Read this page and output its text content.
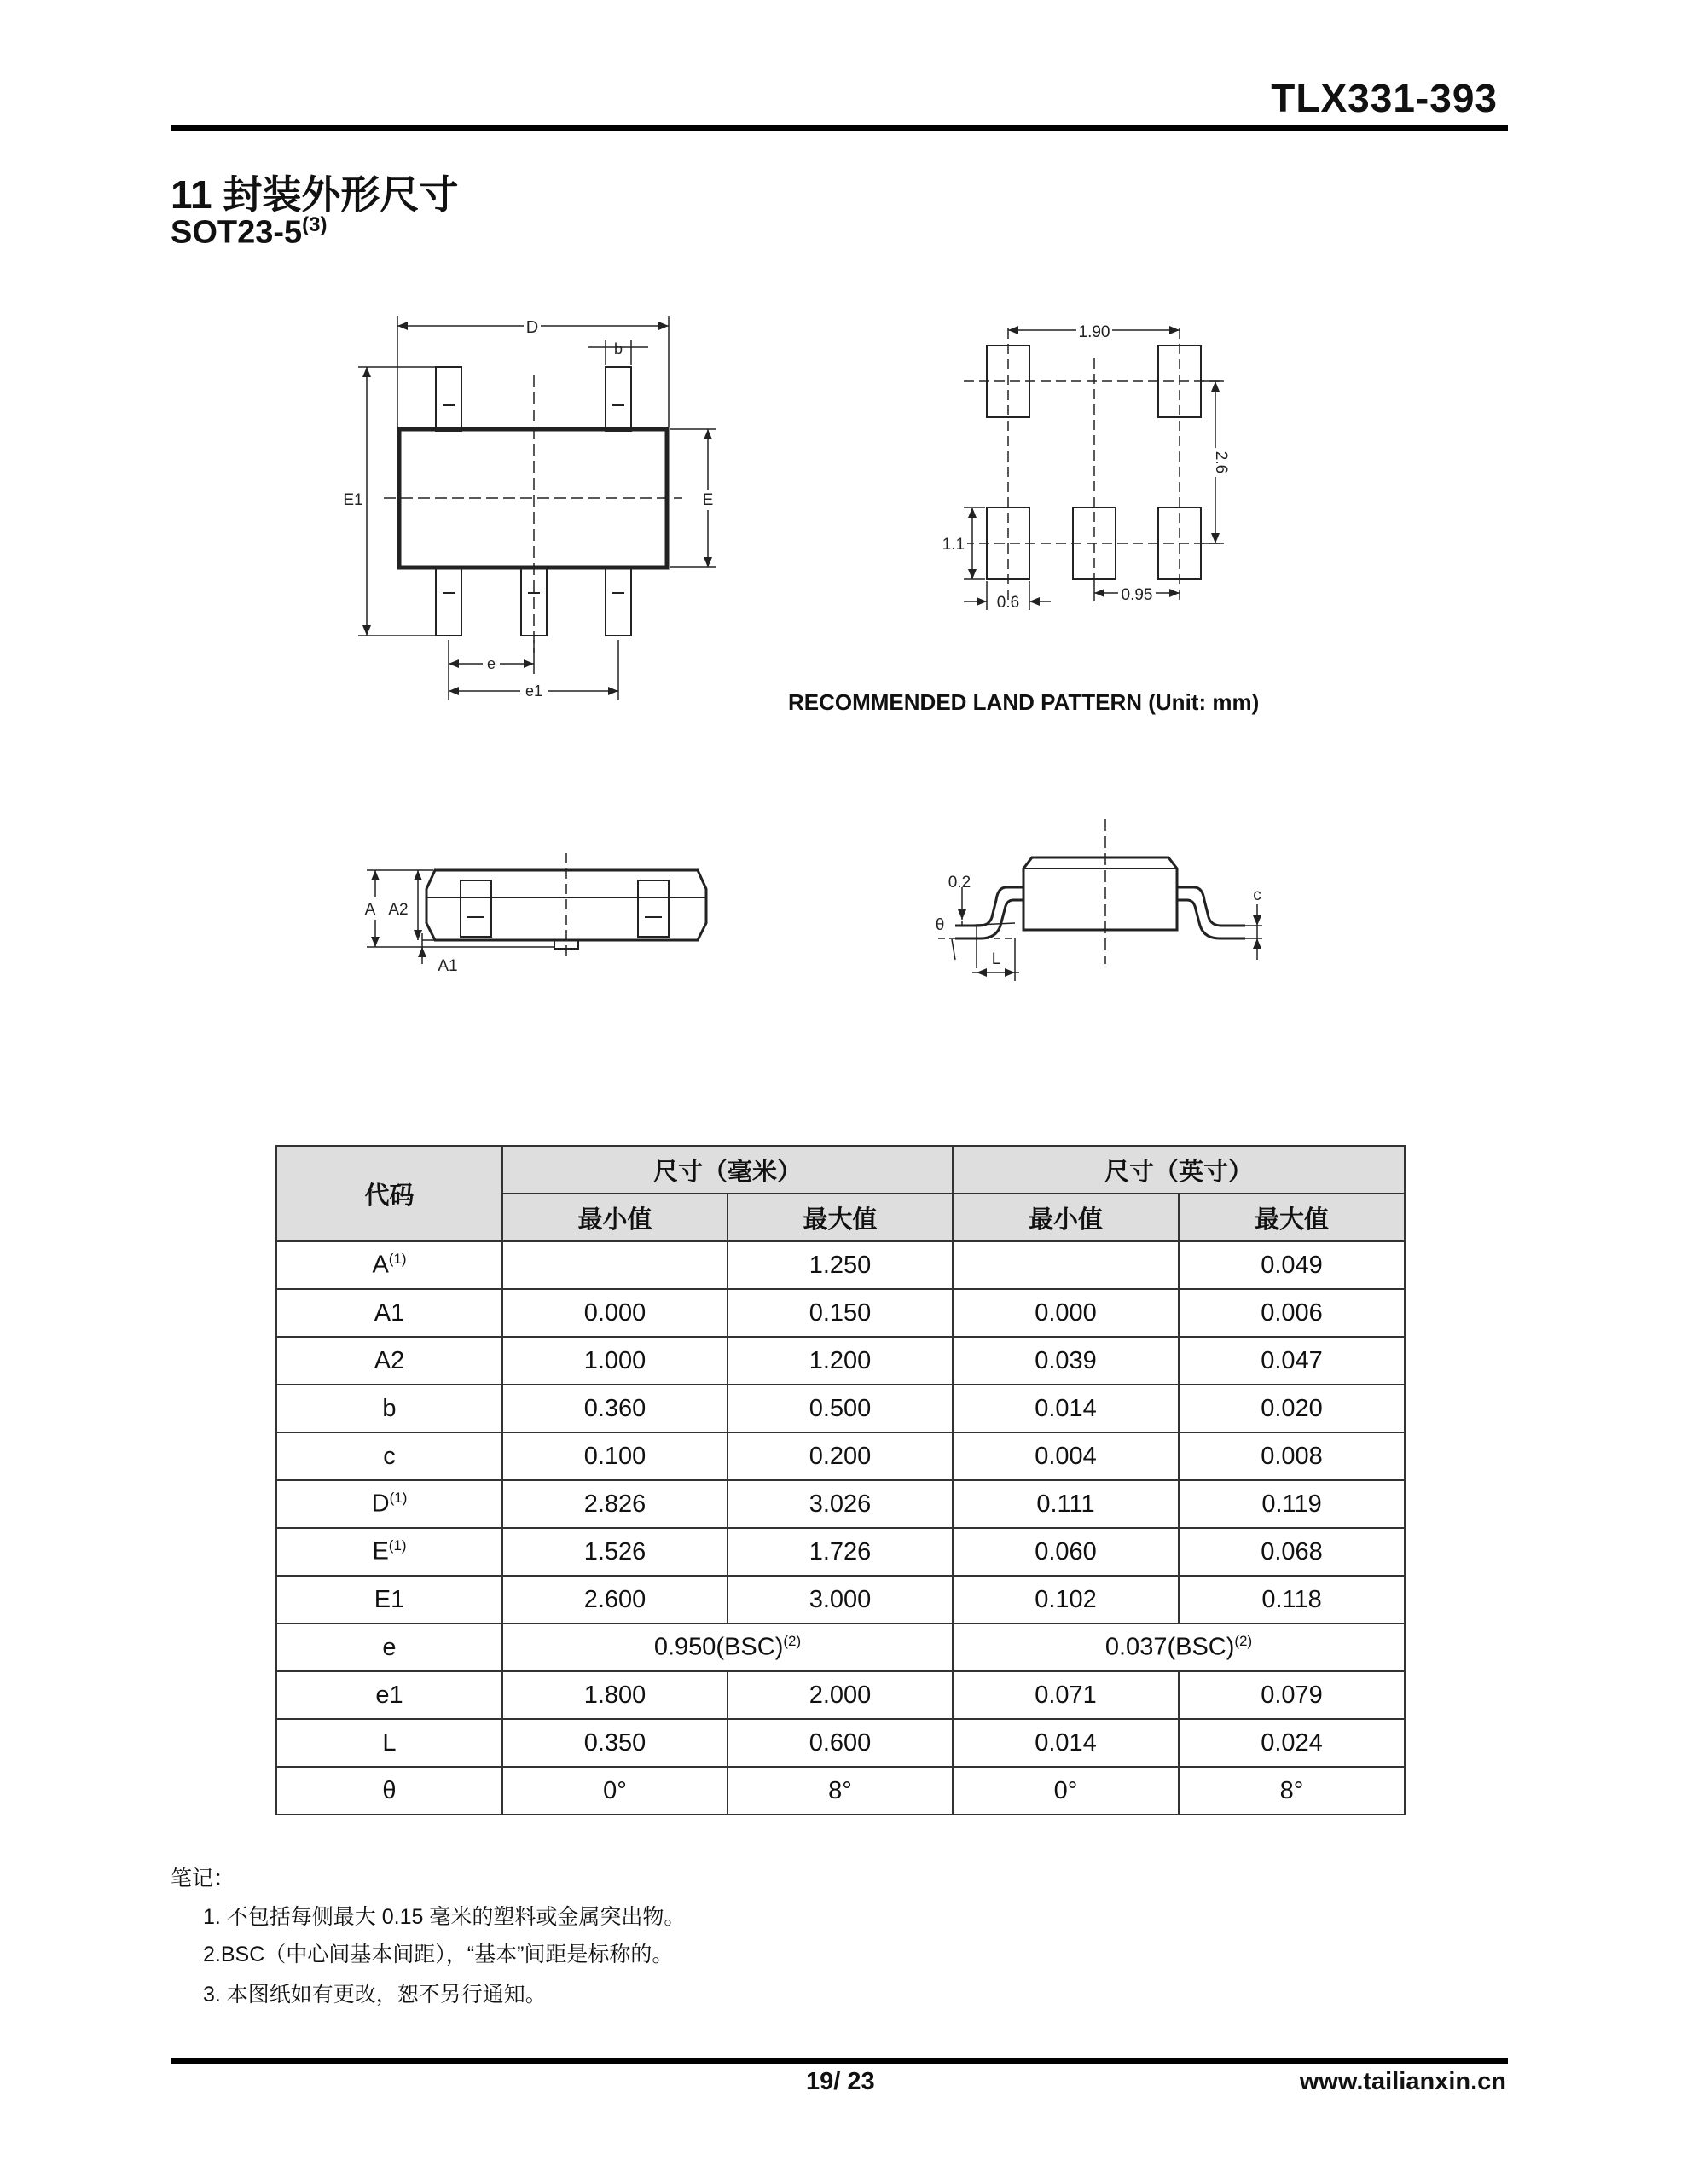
TLX331-393
11 封装外形尺寸
SOT23-5$^{(3)}$
D
b
E1	E
e
e1
1.90
2.6
1.1
0.6	0.95
RECOMMENDED LAND PATTERN (Unit: mm)
A A2
A1
0.2
θ
c
L
代码	尺寸（毫米）		尺寸（英寸）	
	最小值	最大值	最小值	最大值
$A^{(1)}$		1.250		0.049
A1	0.000	0.150	0.000	0.006
A2	1.000	1.200	0.039	0.047
b	0.360	0.500	0.014	0.020
c	0.100	0.200	0.004	0.008
$D^{(1)}$	2.826	3.026	0.111	0.119
$E^{(1)}$	1.526	1.726	0.060	0.068
E1	2.600	3.000	0.102	0.118
e	0.950(BSC)$^{(2)}$		0.037(BSC)$^{(2)}$
e1	1.800	2.000	0.071	0.079
L	0.350	0.600	0.014	0.024
θ	0°	8°	0°	8°
笔记：
1. 不包括每侧最大 0.15 毫米的塑料或金属突出物。
2.BSC（中心间基本间距），“基本”间距是标称的。
3. 本图纸如有更改，恕不另行通知。
19/ 23	www.tailianxin.cn
